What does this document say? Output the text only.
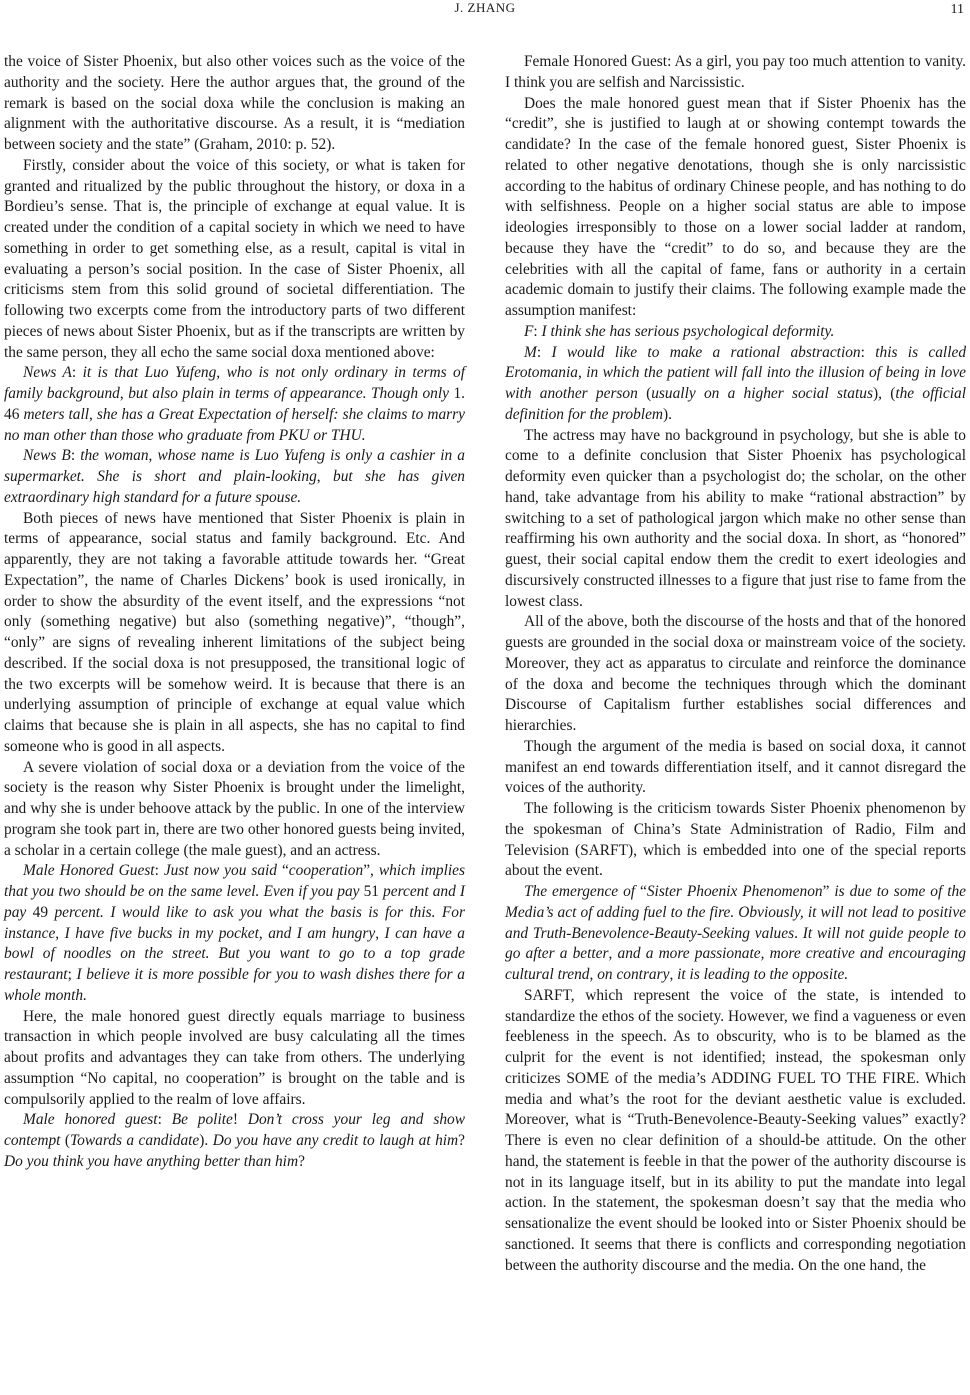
J. ZHANG	11

the voice of Sister Phoenix, but also other voices such as the voice of the authority and the society. Here the author argues that, the ground of the remark is based on the social doxa while the conclusion is making an alignment with the authoritative discourse. As a result, it is “mediation between society and the state” (Graham, 2010: p. 52).

Firstly, consider about the voice of this society, or what is taken for granted and ritualized by the public throughout the history, or doxa in a Bordieu’s sense. That is, the principle of exchange at equal value. It is created under the condition of a capital society in which we need to have something in order to get something else, as a result, capital is vital in evaluating a person’s social position. In the case of Sister Phoenix, all criticisms stem from this solid ground of societal differentiation. The following two excerpts come from the introductory parts of two different pieces of news about Sister Phoenix, but as if the transcripts are written by the same person, they all echo the same social doxa mentioned above:

News A: it is that Luo Yufeng, who is not only ordinary in terms of family background, but also plain in terms of appearance. Though only 1. 46 meters tall, she has a Great Expectation of herself: she claims to marry no man other than those who graduate from PKU or THU.

News B: the woman, whose name is Luo Yufeng is only a cashier in a supermarket. She is short and plain-looking, but she has given extraordinary high standard for a future spouse.

Both pieces of news have mentioned that Sister Phoenix is plain in terms of appearance, social status and family background. Etc. And apparently, they are not taking a favorable attitude towards her. “Great Expectation”, the name of Charles Dickens’ book is used ironically, in order to show the absurdity of the event itself, and the expressions “not only (something negative) but also (something negative)”, “though”, “only” are signs of revealing inherent limitations of the subject being described. If the social doxa is not presupposed, the transitional logic of the two excerpts will be somehow weird. It is because that there is an underlying assumption of principle of exchange at equal value which claims that because she is plain in all aspects, she has no capital to find someone who is good in all aspects.

A severe violation of social doxa or a deviation from the voice of the society is the reason why Sister Phoenix is brought under the limelight, and why she is under behoove attack by the public. In one of the interview program she took part in, there are two other honored guests being invited, a scholar in a certain college (the male guest), and an actress.

Male Honored Guest: Just now you said “cooperation”, which implies that you two should be on the same level. Even if you pay 51 percent and I pay 49 percent. I would like to ask you what the basis is for this. For instance, I have five bucks in my pocket, and I am hungry, I can have a bowl of noodles on the street. But you want to go to a top grade restaurant; I believe it is more possible for you to wash dishes there for a whole month.

Here, the male honored guest directly equals marriage to business transaction in which people involved are busy calculating all the times about profits and advantages they can take from others. The underlying assumption “No capital, no cooperation” is brought on the table and is compulsorily applied to the realm of love affairs.

Male honored guest: Be polite! Don’t cross your leg and show contempt (Towards a candidate). Do you have any credit to laugh at him? Do you think you have anything better than him?

Female Honored Guest: As a girl, you pay too much attention to vanity. I think you are selfish and Narcissistic.

Does the male honored guest mean that if Sister Phoenix has the “credit”, she is justified to laugh at or showing contempt towards the candidate? In the case of the female honored guest, Sister Phoenix is related to other negative denotations, though she is only narcissistic according to the habitus of ordinary Chinese people, and has nothing to do with selfishness. People on a higher social status are able to impose ideologies irresponsibly to those on a lower social ladder at random, because they have the “credit” to do so, and because they are the celebrities with all the capital of fame, fans or authority in a certain academic domain to justify their claims. The following example made the assumption manifest:

F: I think she has serious psychological deformity.

M: I would like to make a rational abstraction: this is called Erotomania, in which the patient will fall into the illusion of being in love with another person (usually on a higher social status), (the official definition for the problem).

The actress may have no background in psychology, but she is able to come to a definite conclusion that Sister Phoenix has psychological deformity even quicker than a psychologist do; the scholar, on the other hand, take advantage from his ability to make “rational abstraction” by switching to a set of pathological jargon which make no other sense than reaffirming his own authority and the social doxa. In short, as “honored” guest, their social capital endow them the credit to exert ideologies and discursively constructed illnesses to a figure that just rise to fame from the lowest class.

All of the above, both the discourse of the hosts and that of the honored guests are grounded in the social doxa or mainstream voice of the society. Moreover, they act as apparatus to circulate and reinforce the dominance of the doxa and become the techniques through which the dominant Discourse of Capitalism further establishes social differences and hierarchies.

Though the argument of the media is based on social doxa, it cannot manifest an end towards differentiation itself, and it cannot disregard the voices of the authority.

The following is the criticism towards Sister Phoenix phenomenon by the spokesman of China’s State Administration of Radio, Film and Television (SARFT), which is embedded into one of the special reports about the event.

The emergence of “Sister Phoenix Phenomenon” is due to some of the Media’s act of adding fuel to the fire. Obviously, it will not lead to positive and Truth-Benevolence-Beauty-Seeking values. It will not guide people to go after a better, and a more passionate, more creative and encouraging cultural trend, on contrary, it is leading to the opposite.

SARFT, which represent the voice of the state, is intended to standardize the ethos of the society. However, we find a vagueness or even feebleness in the speech. As to obscurity, who is to be blamed as the culprit for the event is not identified; instead, the spokesman only criticizes SOME of the media’s ADDING FUEL TO THE FIRE. Which media and what’s the root for the deviant aesthetic value is excluded. Moreover, what is “Truth-Benevolence-Beauty-Seeking values” exactly? There is even no clear definition of a should-be attitude. On the other hand, the statement is feeble in that the power of the authority discourse is not in its language itself, but in its ability to put the mandate into legal action. In the statement, the spokesman doesn’t say that the media who sensationalize the event should be looked into or Sister Phoenix should be sanctioned. It seems that there is conflicts and corresponding negotiation between the authority discourse and the media. On the one hand, the
